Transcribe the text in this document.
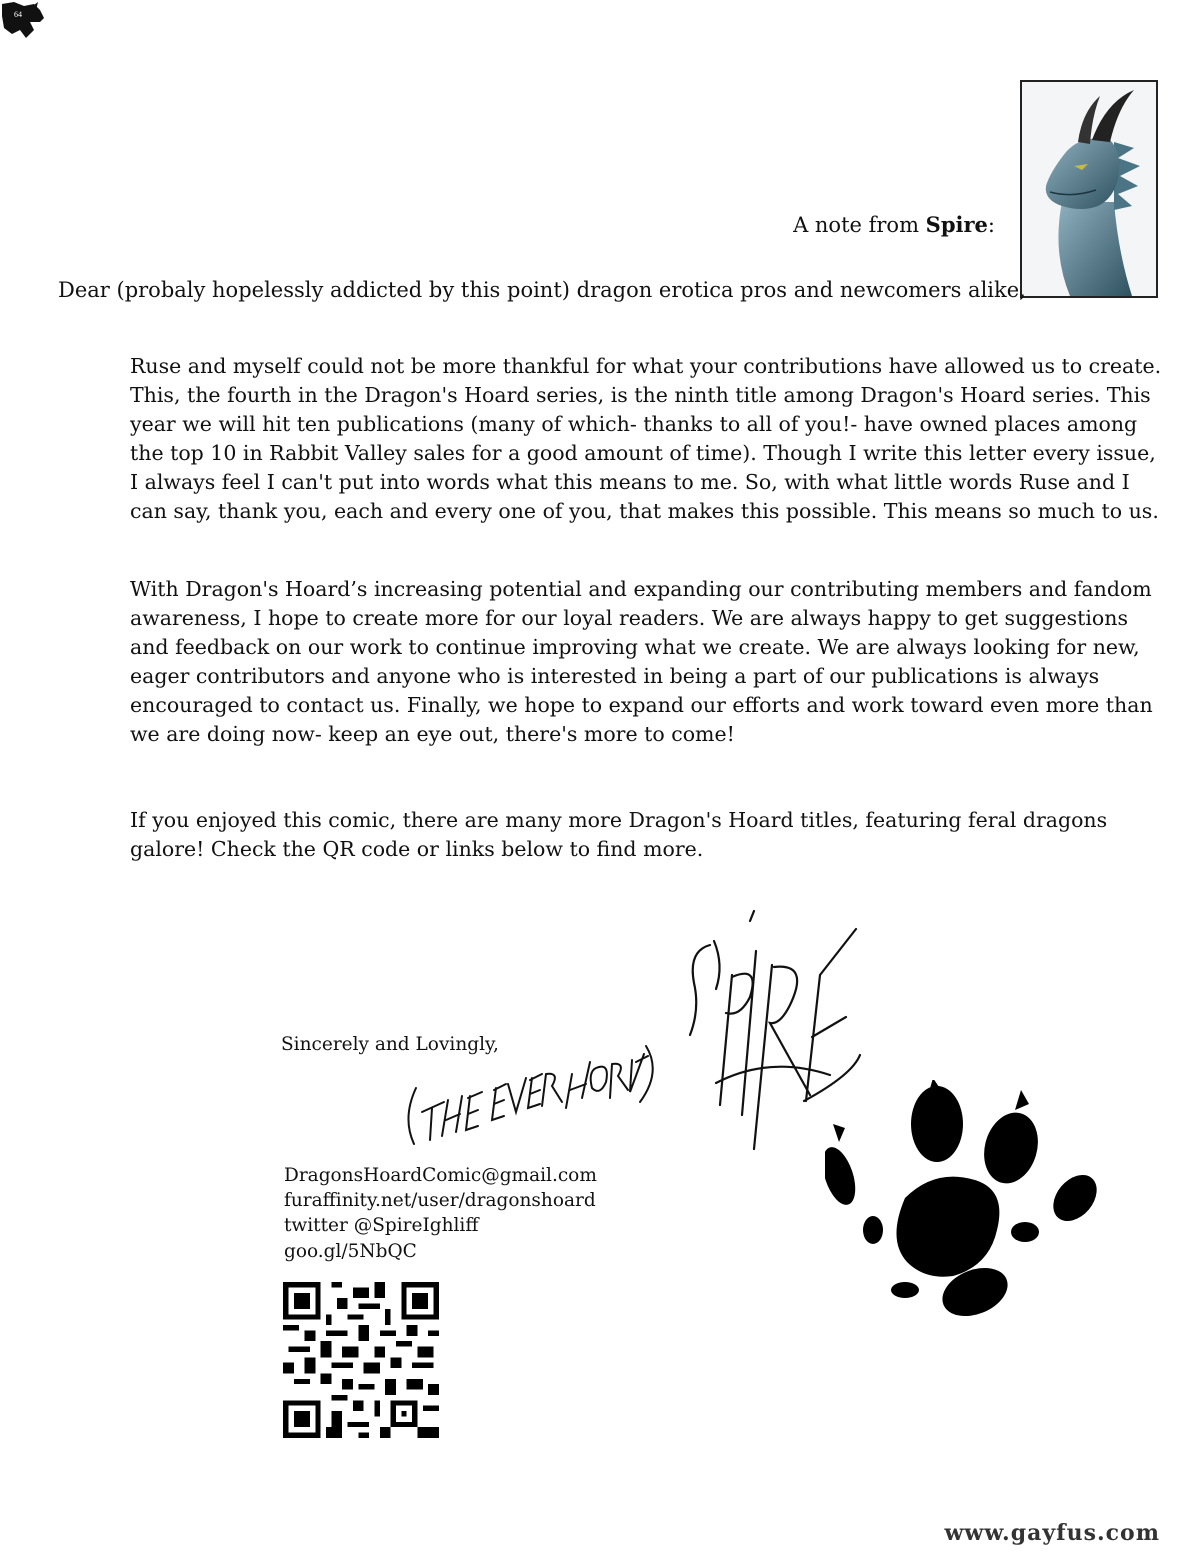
64
A note from Spire:
Dear (probaly hopelessly addicted by this point) dragon erotica pros and newcomers alike,

Ruse and myself could not be more thankful for what your contributions have allowed us to create. This, the fourth in the Dragon's Hoard series, is the ninth title among Dragon's Hoard series. This year we will hit ten publications (many of which- thanks to all of you!- have owned places among the top 10 in Rabbit Valley sales for a good amount of time). Though I write this letter every issue, I always feel I can't put into words what this means to me. So, with what little words Ruse and I can say, thank you, each and every one of you, that makes this possible. This means so much to us.

With Dragon's Hoard’s increasing potential and expanding our contributing members and fandom awareness, I hope to create more for our loyal readers. We are always happy to get suggestions and feedback on our work to continue improving what we create. We are always looking for new, eager contributors and anyone who is interested in being a part of our publications is always encouraged to contact us. Finally, we hope to expand our efforts and work toward even more than we are doing now- keep an eye out, there's more to come!

If you enjoyed this comic, there are many more Dragon's Hoard titles, featuring feral dragons galore! Check the QR code or links below to find more.

Sincerely and Lovingly,
DragonsHoardComic@gmail.com
furaffinity.net/user/dragonshoard
twitter @SpireIghliff
goo.gl/5NbQC
www.gayfus.com
